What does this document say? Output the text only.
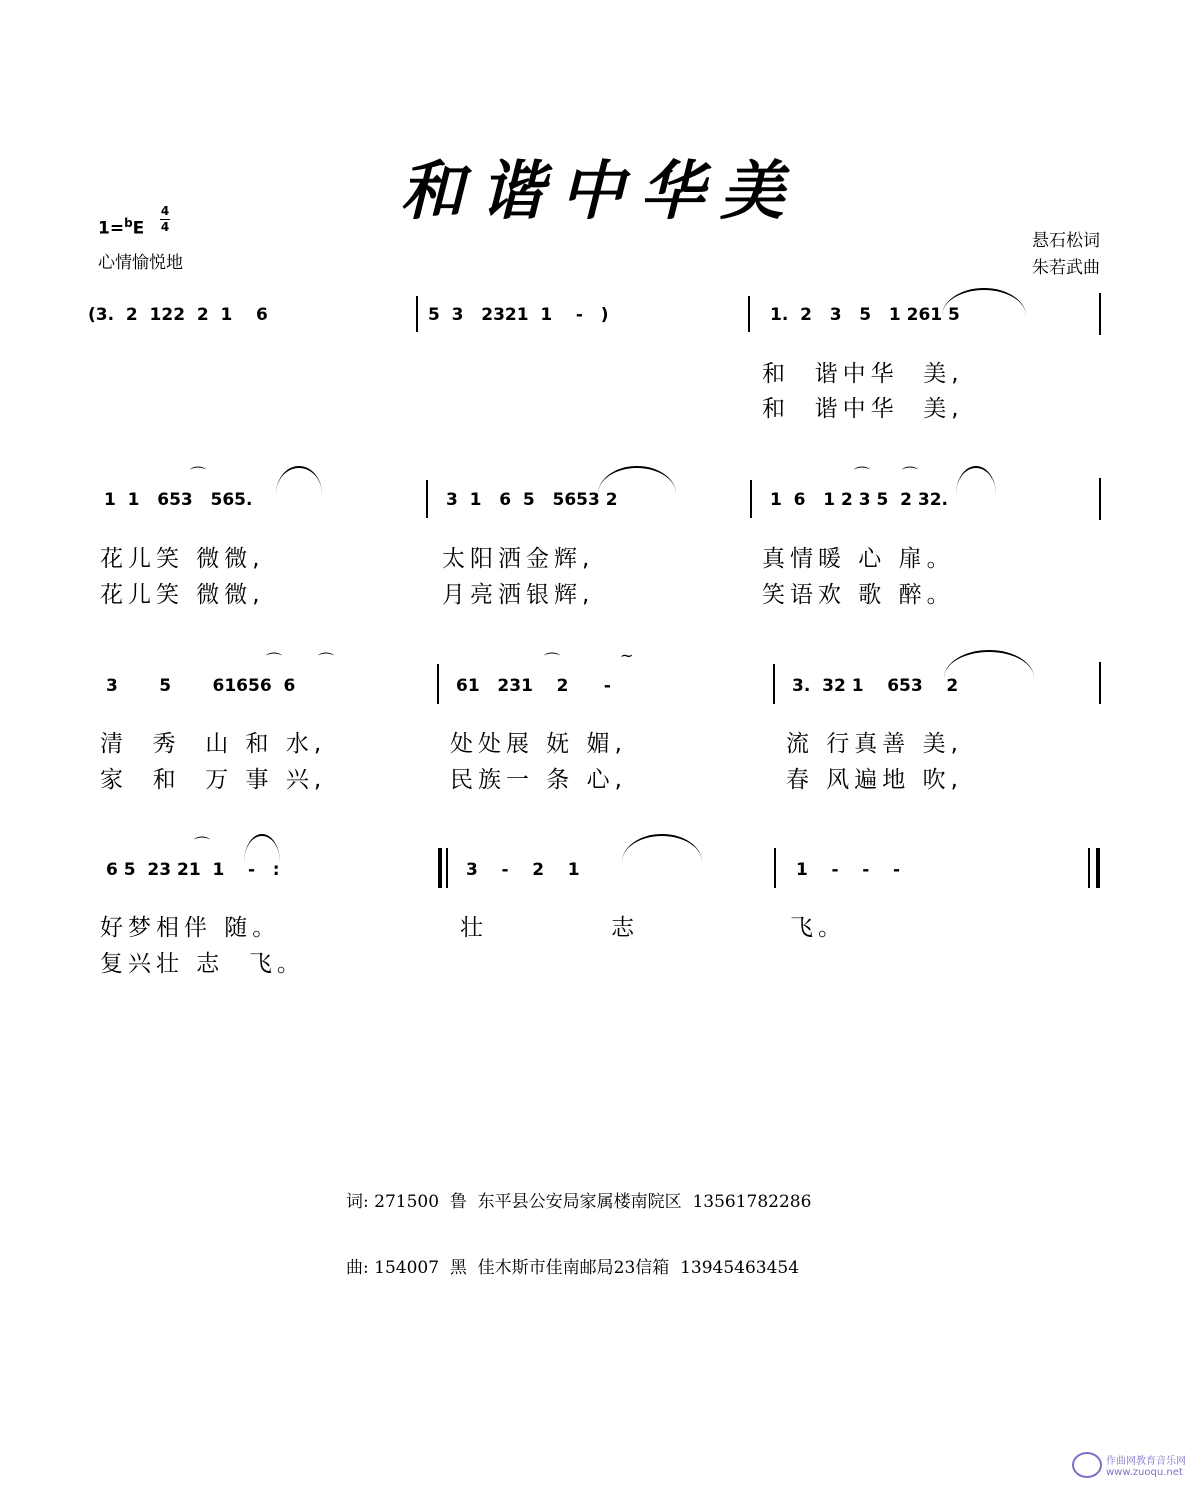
和谐中华美
1=$^b$E
4
4
心情愉悦地
悬石松词
朱若武曲
(3.  2  122  2  1    6	5  3   2321  1    -   )	1.  2   3   5   1 261 5
和  谐中华  美,
和  谐中华  美,
⌒
1  1   653   565.	3  1   6  5   5653 2
⌒ ⌒
1  6   1 2 3 5  2 32.
花儿笑 微微,	太阳洒金辉,	真情暖 心 扉。
花儿笑 微微,	月亮洒银辉,	笑语欢 歌 醉。
⌒ ⌒
3       5       61656  6
⌒	~
61   231    2      -	3.  32 1    653    2
清  秀  山 和 水,	处处展 妩 媚,	流 行真善 美,
家  和  万 事 兴,	民族一 条 心,	春 风遍地 吹,
⌒
6 5  23 21  1    -   :	3    -    2    1	1    -    -    -
好梦相伴 随。	壮          志	飞。
复兴壮 志  飞。

词: 271500  鲁  东平县公安局家属楼南院区  13561782286

曲: 154007  黑  佳木斯市佳南邮局23信箱  13945463454

作曲网教育音乐网
www.zuoqu.net
